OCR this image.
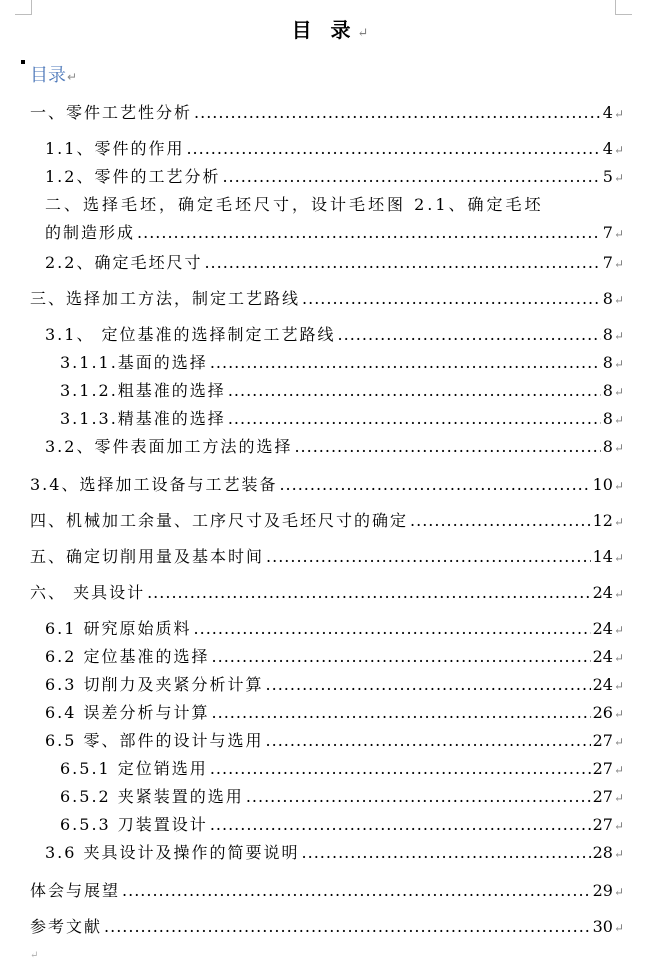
目 录↵
目录↵
一、零件工艺性分析 .....	4 ↵
1.1、零件的作用 .....	4 ↵
1.2、零件的工艺分析 .....	5 ↵
二、选择毛坯，确定毛坯尺寸，设计毛坯图 2.1、确定毛坯
的制造形成 .....	7 ↵
2.2、确定毛坯尺寸 .....	7 ↵
三、选择加工方法，制定工艺路线 .....	8 ↵
3.1、 定位基准的选择制定工艺路线 .....	8 ↵
3.1.1.基面的选择 .....	8 ↵
3.1.2.粗基准的选择 .....	8 ↵
3.1.3.精基准的选择 .....	8 ↵
3.2、零件表面加工方法的选择 .....	8 ↵
3.4、选择加工设备与工艺装备 .....	10 ↵
四、机械加工余量、工序尺寸及毛坯尺寸的确定 .....	12 ↵
五、确定切削用量及基本时间 .....	14 ↵
六、 夹具设计 .....	24 ↵
6.1 研究原始质料 .....	24 ↵
6.2 定位基准的选择 .....	24 ↵
6.3 切削力及夹紧分析计算 .....	24 ↵
6.4 误差分析与计算 .....	26 ↵
6.5 零、部件的设计与选用 .....	27 ↵
6.5.1 定位销选用 .....	27 ↵
6.5.2 夹紧装置的选用 .....	27 ↵
6.5.3 刀装置设计 .....	27 ↵
3.6 夹具设计及操作的简要说明 .....	28 ↵
体会与展望 .....	29 ↵
参考文献 .....	30 ↵
↵
